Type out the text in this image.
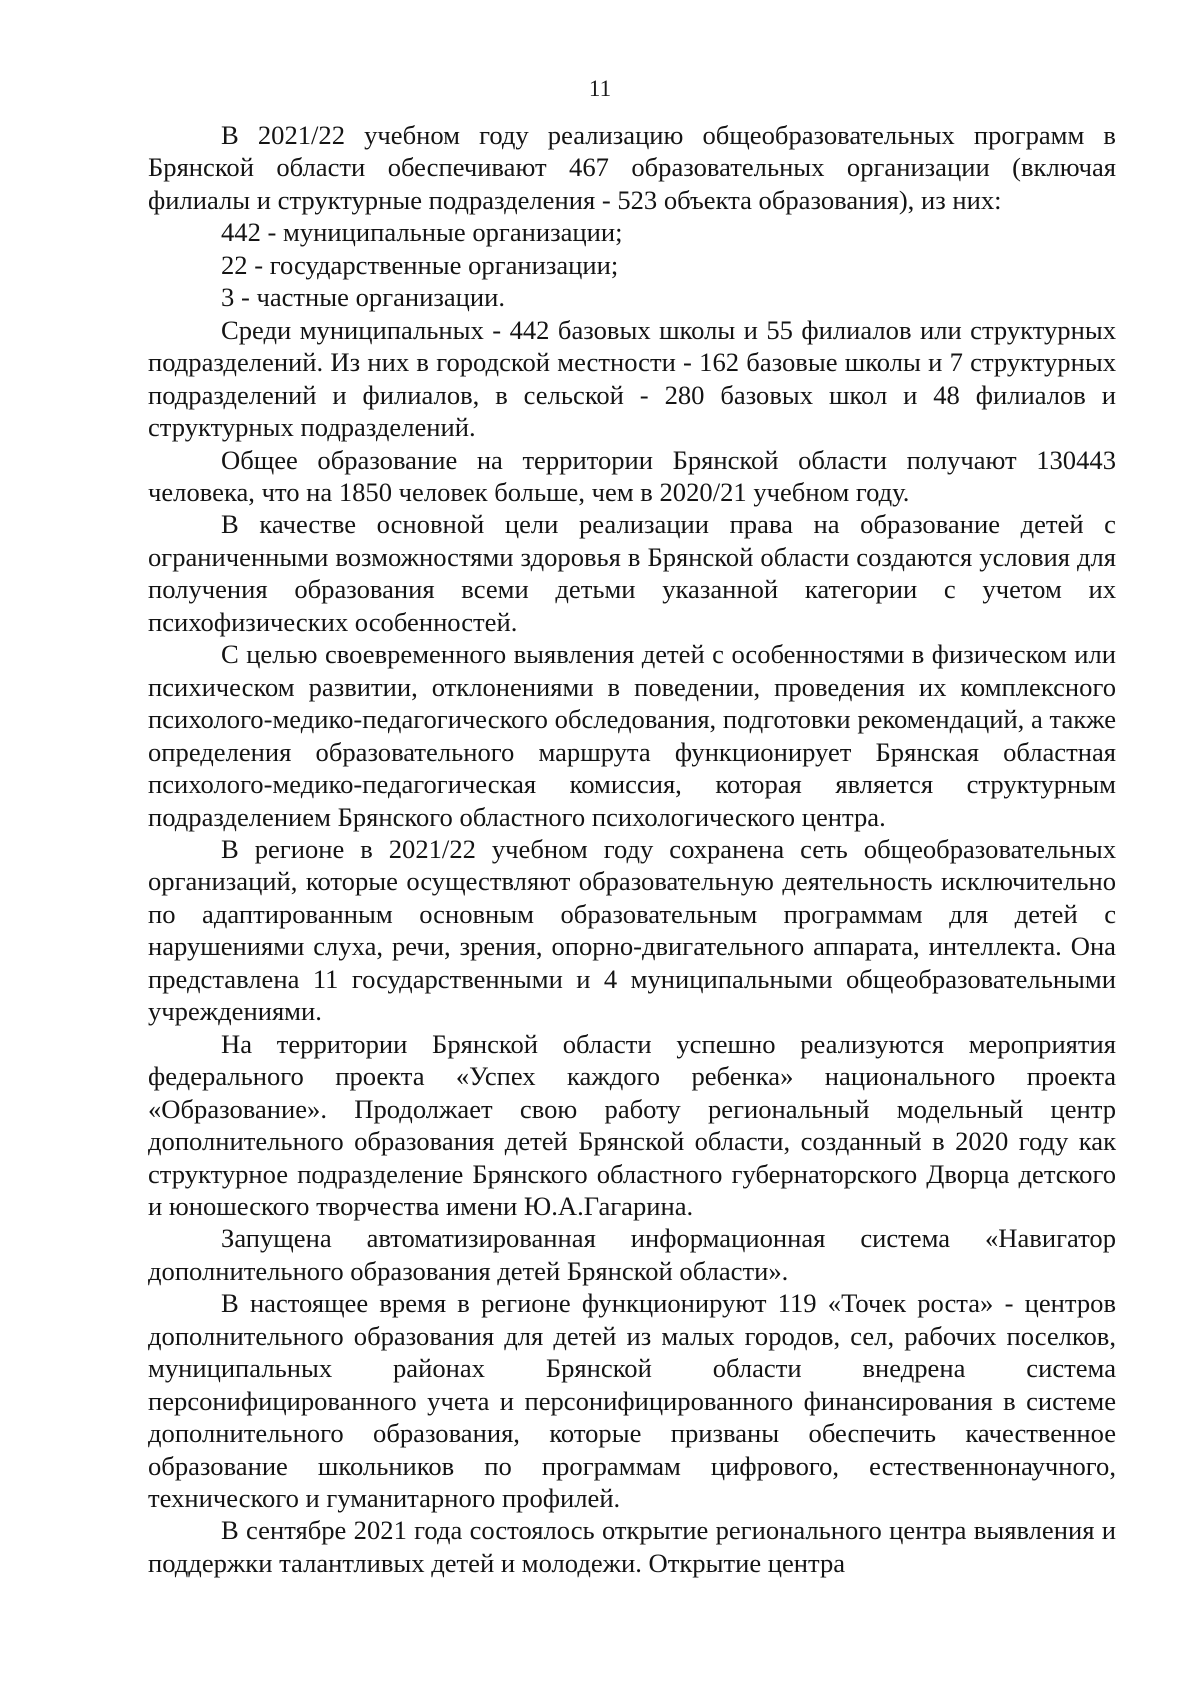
11

В 2021/22 учебном году реализацию общеобразовательных программ в Брянской области обеспечивают 467 образовательных организации (включая филиалы и структурные подразделения - 523 объекта образования), из них:

442 - муниципальные организации;

22 - государственные организации;

3 - частные организации.

Среди муниципальных - 442 базовых школы и 55 филиалов или структурных подразделений. Из них в городской местности - 162 базовые школы и 7 структурных подразделений и филиалов, в сельской - 280 базовых школ и 48 филиалов и структурных подразделений.

Общее образование на территории Брянской области получают 130443 человека, что на 1850 человек больше, чем в 2020/21 учебном году.

В качестве основной цели реализации права на образование детей с ограниченными возможностями здоровья в Брянской области создаются условия для получения образования всеми детьми указанной категории с учетом их психофизических особенностей.

С целью своевременного выявления детей с особенностями в физическом или психическом развитии, отклонениями в поведении, проведения их комплексного психолого-медико-педагогического обследования, подготовки рекомендаций, а также определения образовательного маршрута функционирует Брянская областная психолого-медико-педагогическая комиссия, которая является структурным подразделением Брянского областного психологического центра.

В регионе в 2021/22 учебном году сохранена сеть общеобразовательных организаций, которые осуществляют образовательную деятельность исключительно по адаптированным основным образовательным программам для детей с нарушениями слуха, речи, зрения, опорно-двигательного аппарата, интеллекта. Она представлена 11 государственными и 4 муниципальными общеобразовательными учреждениями.

На территории Брянской области успешно реализуются мероприятия федерального проекта «Успех каждого ребенка» национального проекта «Образование». Продолжает свою работу региональный модельный центр дополнительного образования детей Брянской области, созданный в 2020 году как структурное подразделение Брянского областного губернаторского Дворца детского и юношеского творчества имени Ю.А.Гагарина.

Запущена автоматизированная информационная система «Навигатор дополнительного образования детей Брянской области».

В настоящее время в регионе функционируют 119 «Точек роста» - центров дополнительного образования для детей из малых городов, сел, рабочих поселков, муниципальных районах Брянской области внедрена система персонифицированного учета и персонифицированного финансирования в системе дополнительного образования, которые призваны обеспечить качественное образование школьников по программам цифрового, естественнонаучного, технического и гуманитарного профилей.

В сентябре 2021 года состоялось открытие регионального центра выявления и поддержки талантливых детей и молодежи. Открытие центра
